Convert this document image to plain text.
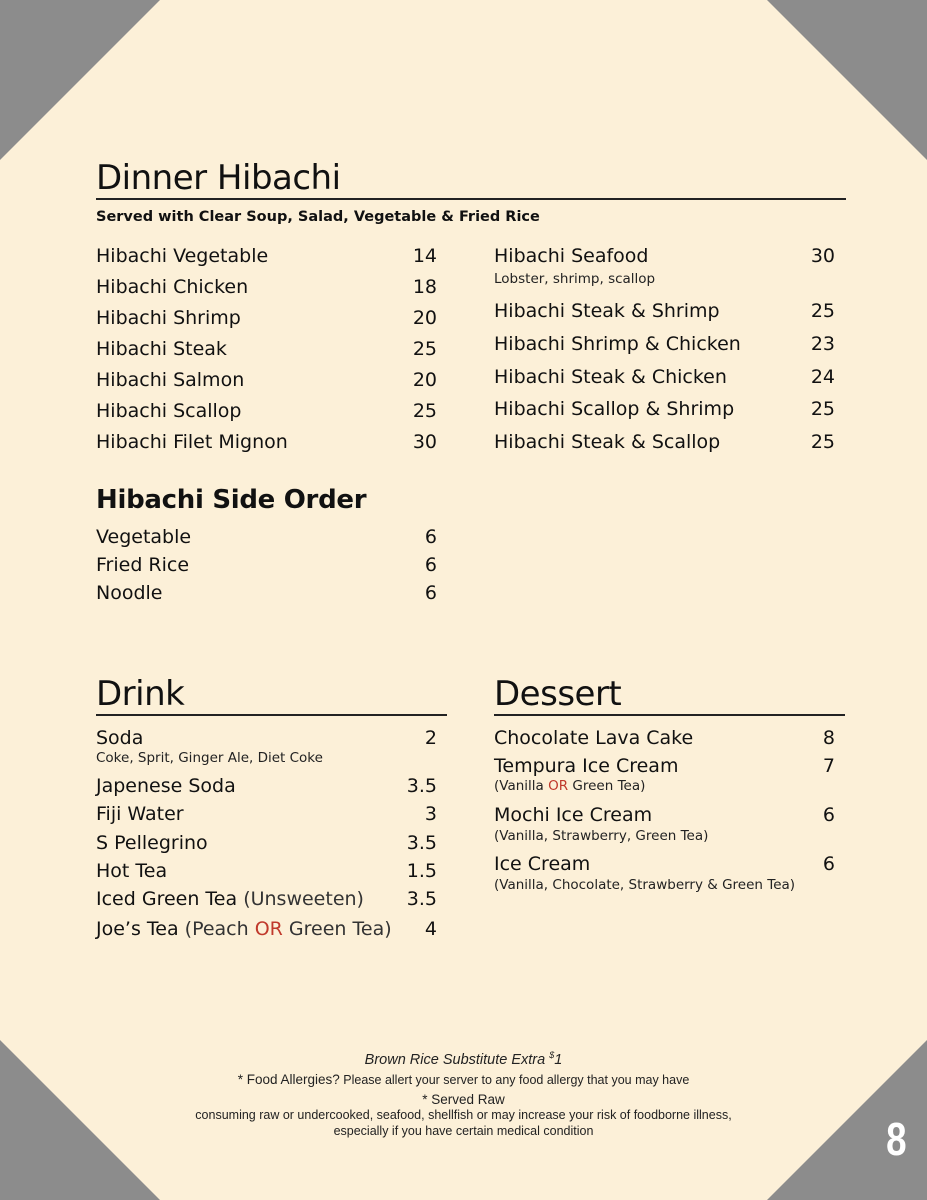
Dinner Hibachi
Served with Clear Soup, Salad, Vegetable & Fried Rice
Hibachi Vegetable	14
Hibachi Chicken	18
Hibachi Shrimp	20
Hibachi Steak	25
Hibachi Salmon	20
Hibachi Scallop	25
Hibachi Filet Mignon	30
Hibachi Seafood	30
Lobster, shrimp, scallop
Hibachi Steak & Shrimp	25
Hibachi Shrimp & Chicken	23
Hibachi Steak & Chicken	24
Hibachi Scallop & Shrimp	25
Hibachi Steak & Scallop	25
Hibachi Side Order
Vegetable	6
Fried Rice	6
Noodle	6
Drink
Soda	2
Coke, Sprit, Ginger Ale, Diet Coke
Japenese Soda	3.5
Fiji Water	3
S Pellegrino	3.5
Hot Tea	1.5
Iced Green Tea (Unsweeten) 3.5
Joe’s Tea (Peach OR Green Tea) 4
Dessert
Chocolate Lava Cake	8
Tempura Ice Cream	7
(Vanilla OR Green Tea)
Mochi Ice Cream	6
(Vanilla, Strawberry, Green Tea)
Ice Cream	6
(Vanilla, Chocolate, Strawberry & Green Tea)
Brown Rice Substitute Extra $1
* Food Allergies? Please allert your server to any food allergy that you may have
* Served Raw
consuming raw or undercooked, seafood, shellfish or may increase your risk of foodborne illness,
especially if you have certain medical condition	8
